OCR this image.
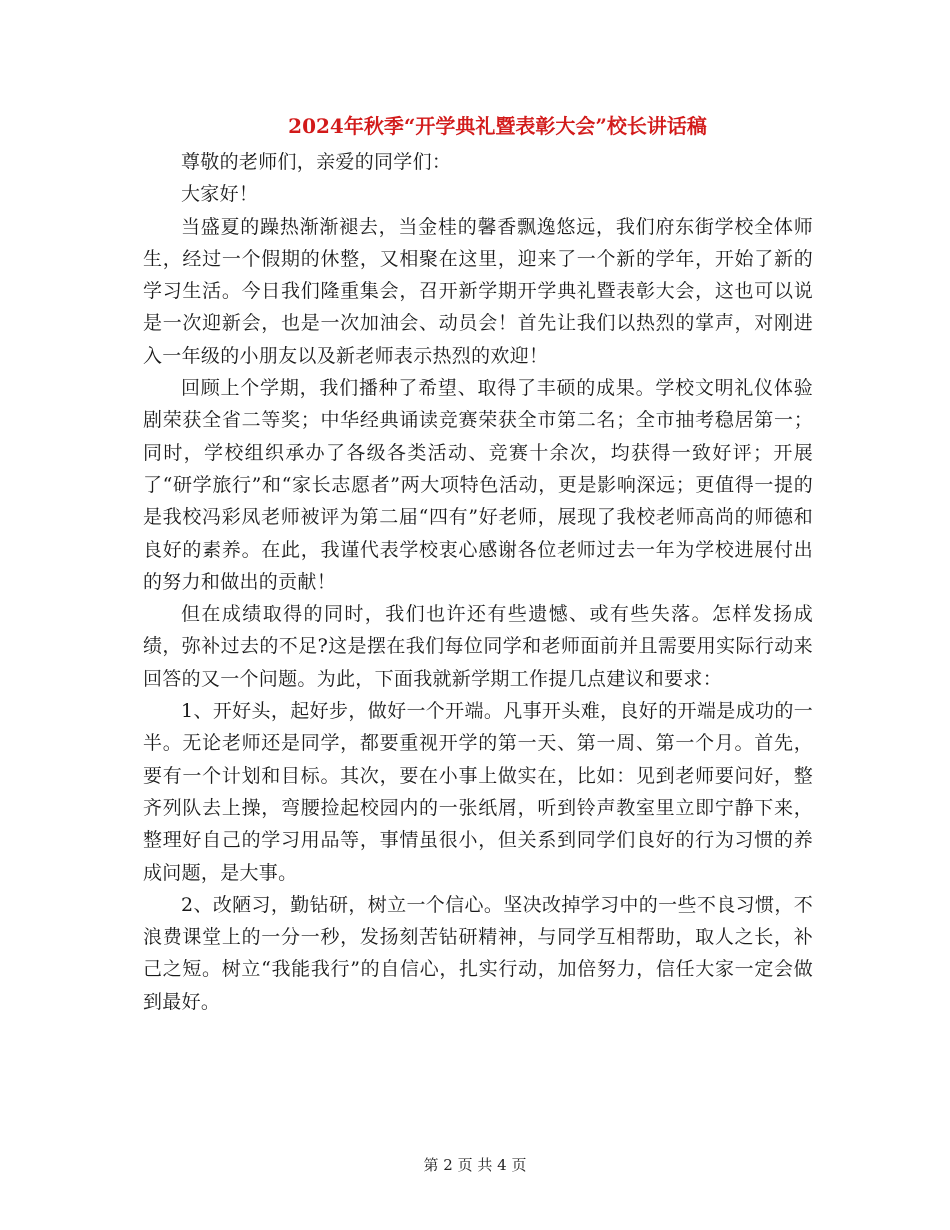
2024年秋季“开学典礼暨表彰大会”校长讲话稿

尊敬的老师们，亲爱的同学们：

大家好！

当盛夏的躁热渐渐褪去，当金桂的馨香飘逸悠远，我们府东街学校全体师生，经过一个假期的休整，又相聚在这里，迎来了一个新的学年，开始了新的学习生活。今日我们隆重集会，召开新学期开学典礼暨表彰大会，这也可以说是一次迎新会，也是一次加油会、动员会！首先让我们以热烈的掌声，对刚进入一年级的小朋友以及新老师表示热烈的欢迎！

回顾上个学期，我们播种了希望、取得了丰硕的成果。学校文明礼仪体验剧荣获全省二等奖；中华经典诵读竞赛荣获全市第二名；全市抽考稳居第一；同时，学校组织承办了各级各类活动、竞赛十余次，均获得一致好评；开展了“研学旅行”和“家长志愿者”两大项特色活动，更是影响深远；更值得一提的是我校冯彩凤老师被评为第二届“四有”好老师，展现了我校老师高尚的师德和良好的素养。在此，我谨代表学校衷心感谢各位老师过去一年为学校进展付出的努力和做出的贡献！

但在成绩取得的同时，我们也许还有些遗憾、或有些失落。怎样发扬成绩，弥补过去的不足?这是摆在我们每位同学和老师面前并且需要用实际行动来回答的又一个问题。为此，下面我就新学期工作提几点建议和要求：

1、开好头，起好步，做好一个开端。凡事开头难，良好的开端是成功的一半。无论老师还是同学，都要重视开学的第一天、第一周、第一个月。首先，要有一个计划和目标。其次，要在小事上做实在，比如：见到老师要问好，整齐列队去上操，弯腰捡起校园内的一张纸屑，听到铃声教室里立即宁静下来，整理好自己的学习用品等，事情虽很小，但关系到同学们良好的行为习惯的养成问题，是大事。

2、改陋习，勤钻研，树立一个信心。坚决改掉学习中的一些不良习惯，不浪费课堂上的一分一秒，发扬刻苦钻研精神，与同学互相帮助，取人之长，补己之短。树立“我能我行”的自信心，扎实行动，加倍努力，信任大家一定会做到最好。

第 2 页 共 4 页
